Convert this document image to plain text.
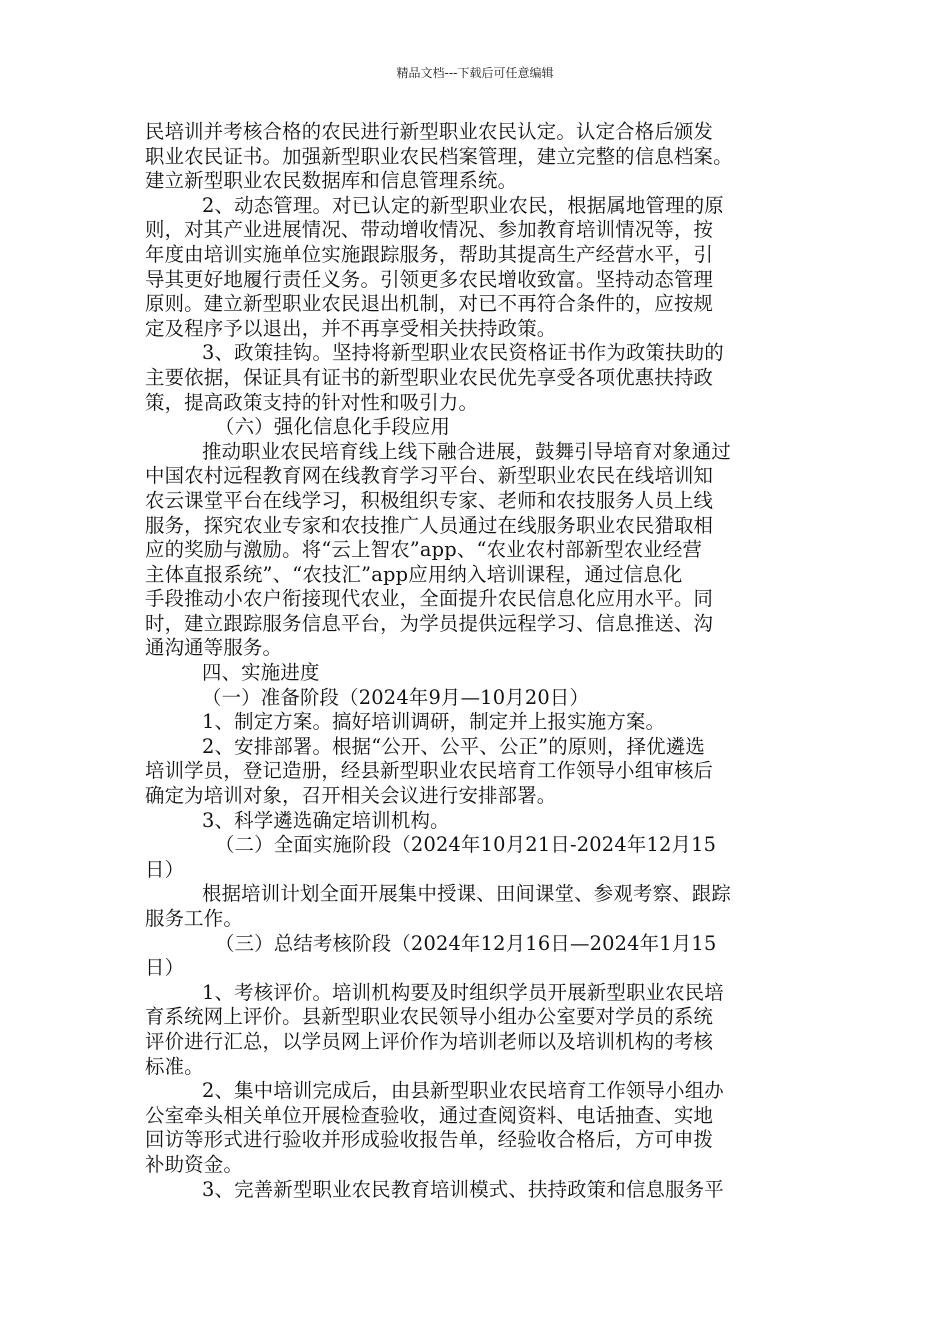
精品文档---下载后可任意编辑
民培训并考核合格的农民进行新型职业农民认定。认定合格后颁发
职业农民证书。加强新型职业农民档案管理，建立完整的信息档案。
建立新型职业农民数据库和信息管理系统。
2、动态管理。对已认定的新型职业农民，根据属地管理的原
则，对其产业进展情况、带动增收情况、参加教育培训情况等，按
年度由培训实施单位实施跟踪服务，帮助其提高生产经营水平，引
导其更好地履行责任义务。引领更多农民增收致富。坚持动态管理
原则。建立新型职业农民退出机制，对已不再符合条件的，应按规
定及程序予以退出，并不再享受相关扶持政策。
3、政策挂钩。坚持将新型职业农民资格证书作为政策扶助的
主要依据，保证具有证书的新型职业农民优先享受各项优惠扶持政
策，提高政策支持的针对性和吸引力。
（六）强化信息化手段应用
推动职业农民培育线上线下融合进展，鼓舞引导培育对象通过
中国农村远程教育网在线教育学习平台、新型职业农民在线培训知
农云课堂平台在线学习，积极组织专家、老师和农技服务人员上线
服务，探究农业专家和农技推广人员通过在线服务职业农民猎取相
应的奖励与激励。将“云上智农”app、“农业农村部新型农业经营
主体直报系统”、“农技汇”app应用纳入培训课程，通过信息化
手段推动小农户衔接现代农业，全面提升农民信息化应用水平。同
时，建立跟踪服务信息平台，为学员提供远程学习、信息推送、沟
通沟通等服务。
四、实施进度
（一）准备阶段（2024年9月—10月20日）
1、制定方案。搞好培训调研，制定并上报实施方案。
2、安排部署。根据“公开、公平、公正”的原则，择优遴选
培训学员，登记造册，经县新型职业农民培育工作领导小组审核后
确定为培训对象，召开相关会议进行安排部署。
3、科学遴选确定培训机构。
（二）全面实施阶段（2024年10月21日-2024年12月15
日）
根据培训计划全面开展集中授课、田间课堂、参观考察、跟踪
服务工作。
（三）总结考核阶段（2024年12月16日—2024年1月15
日）
1、考核评价。培训机构要及时组织学员开展新型职业农民培
育系统网上评价。县新型职业农民领导小组办公室要对学员的系统
评价进行汇总，以学员网上评价作为培训老师以及培训机构的考核
标准。
2、集中培训完成后，由县新型职业农民培育工作领导小组办
公室牵头相关单位开展检查验收，通过查阅资料、电话抽查、实地
回访等形式进行验收并形成验收报告单，经验收合格后，方可申拨
补助资金。
3、完善新型职业农民教育培训模式、扶持政策和信息服务平
